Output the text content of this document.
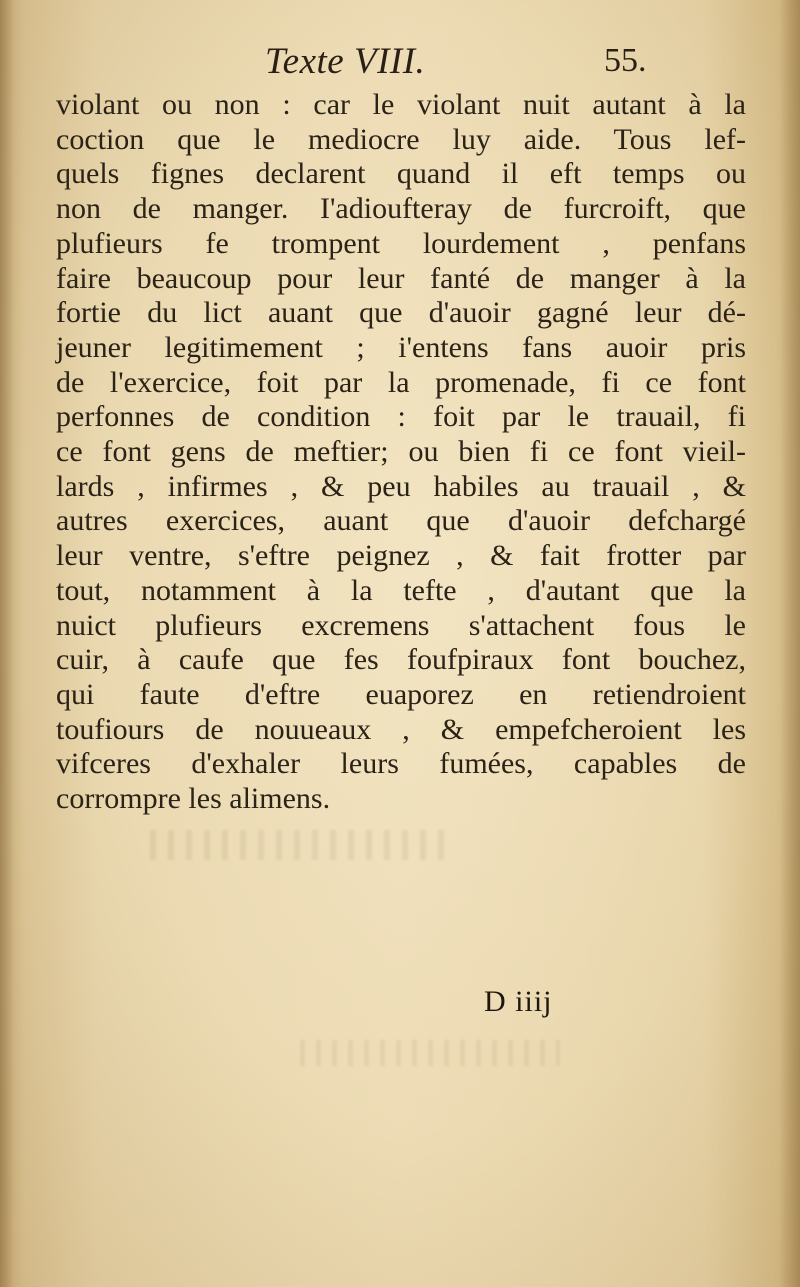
Texte VIII.	55.

violant ou non : car le violant nuit autant à la
coction que le mediocre luy aide. Tous lef-
quels fignes declarent quand il eft temps ou
non de manger. I'adioufteray de furcroift, que
plufieurs fe trompent lourdement , penfans
faire beaucoup pour leur fanté de manger à la
fortie du lict auant que d'auoir gagné leur dé-
jeuner legitimement ; i'entens fans auoir pris
de l'exercice, foit par la promenade, fi ce font
perfonnes de condition : foit par le trauail, fi
ce font gens de meftier; ou bien fi ce font vieil-
lards , infirmes , & peu habiles au trauail , &
autres exercices, auant que d'auoir defchargé
leur ventre, s'eftre peignez , & fait frotter par
tout, notamment à la tefte , d'autant que la
nuict plufieurs excremens s'attachent fous le
cuir, à caufe que fes foufpiraux font bouchez,
qui faute d'eftre euaporez en retiendroient
toufiours de nouueaux , & empefcheroient les
vifceres d'exhaler leurs fumées, capables de
corrompre les alimens.

D iiij
